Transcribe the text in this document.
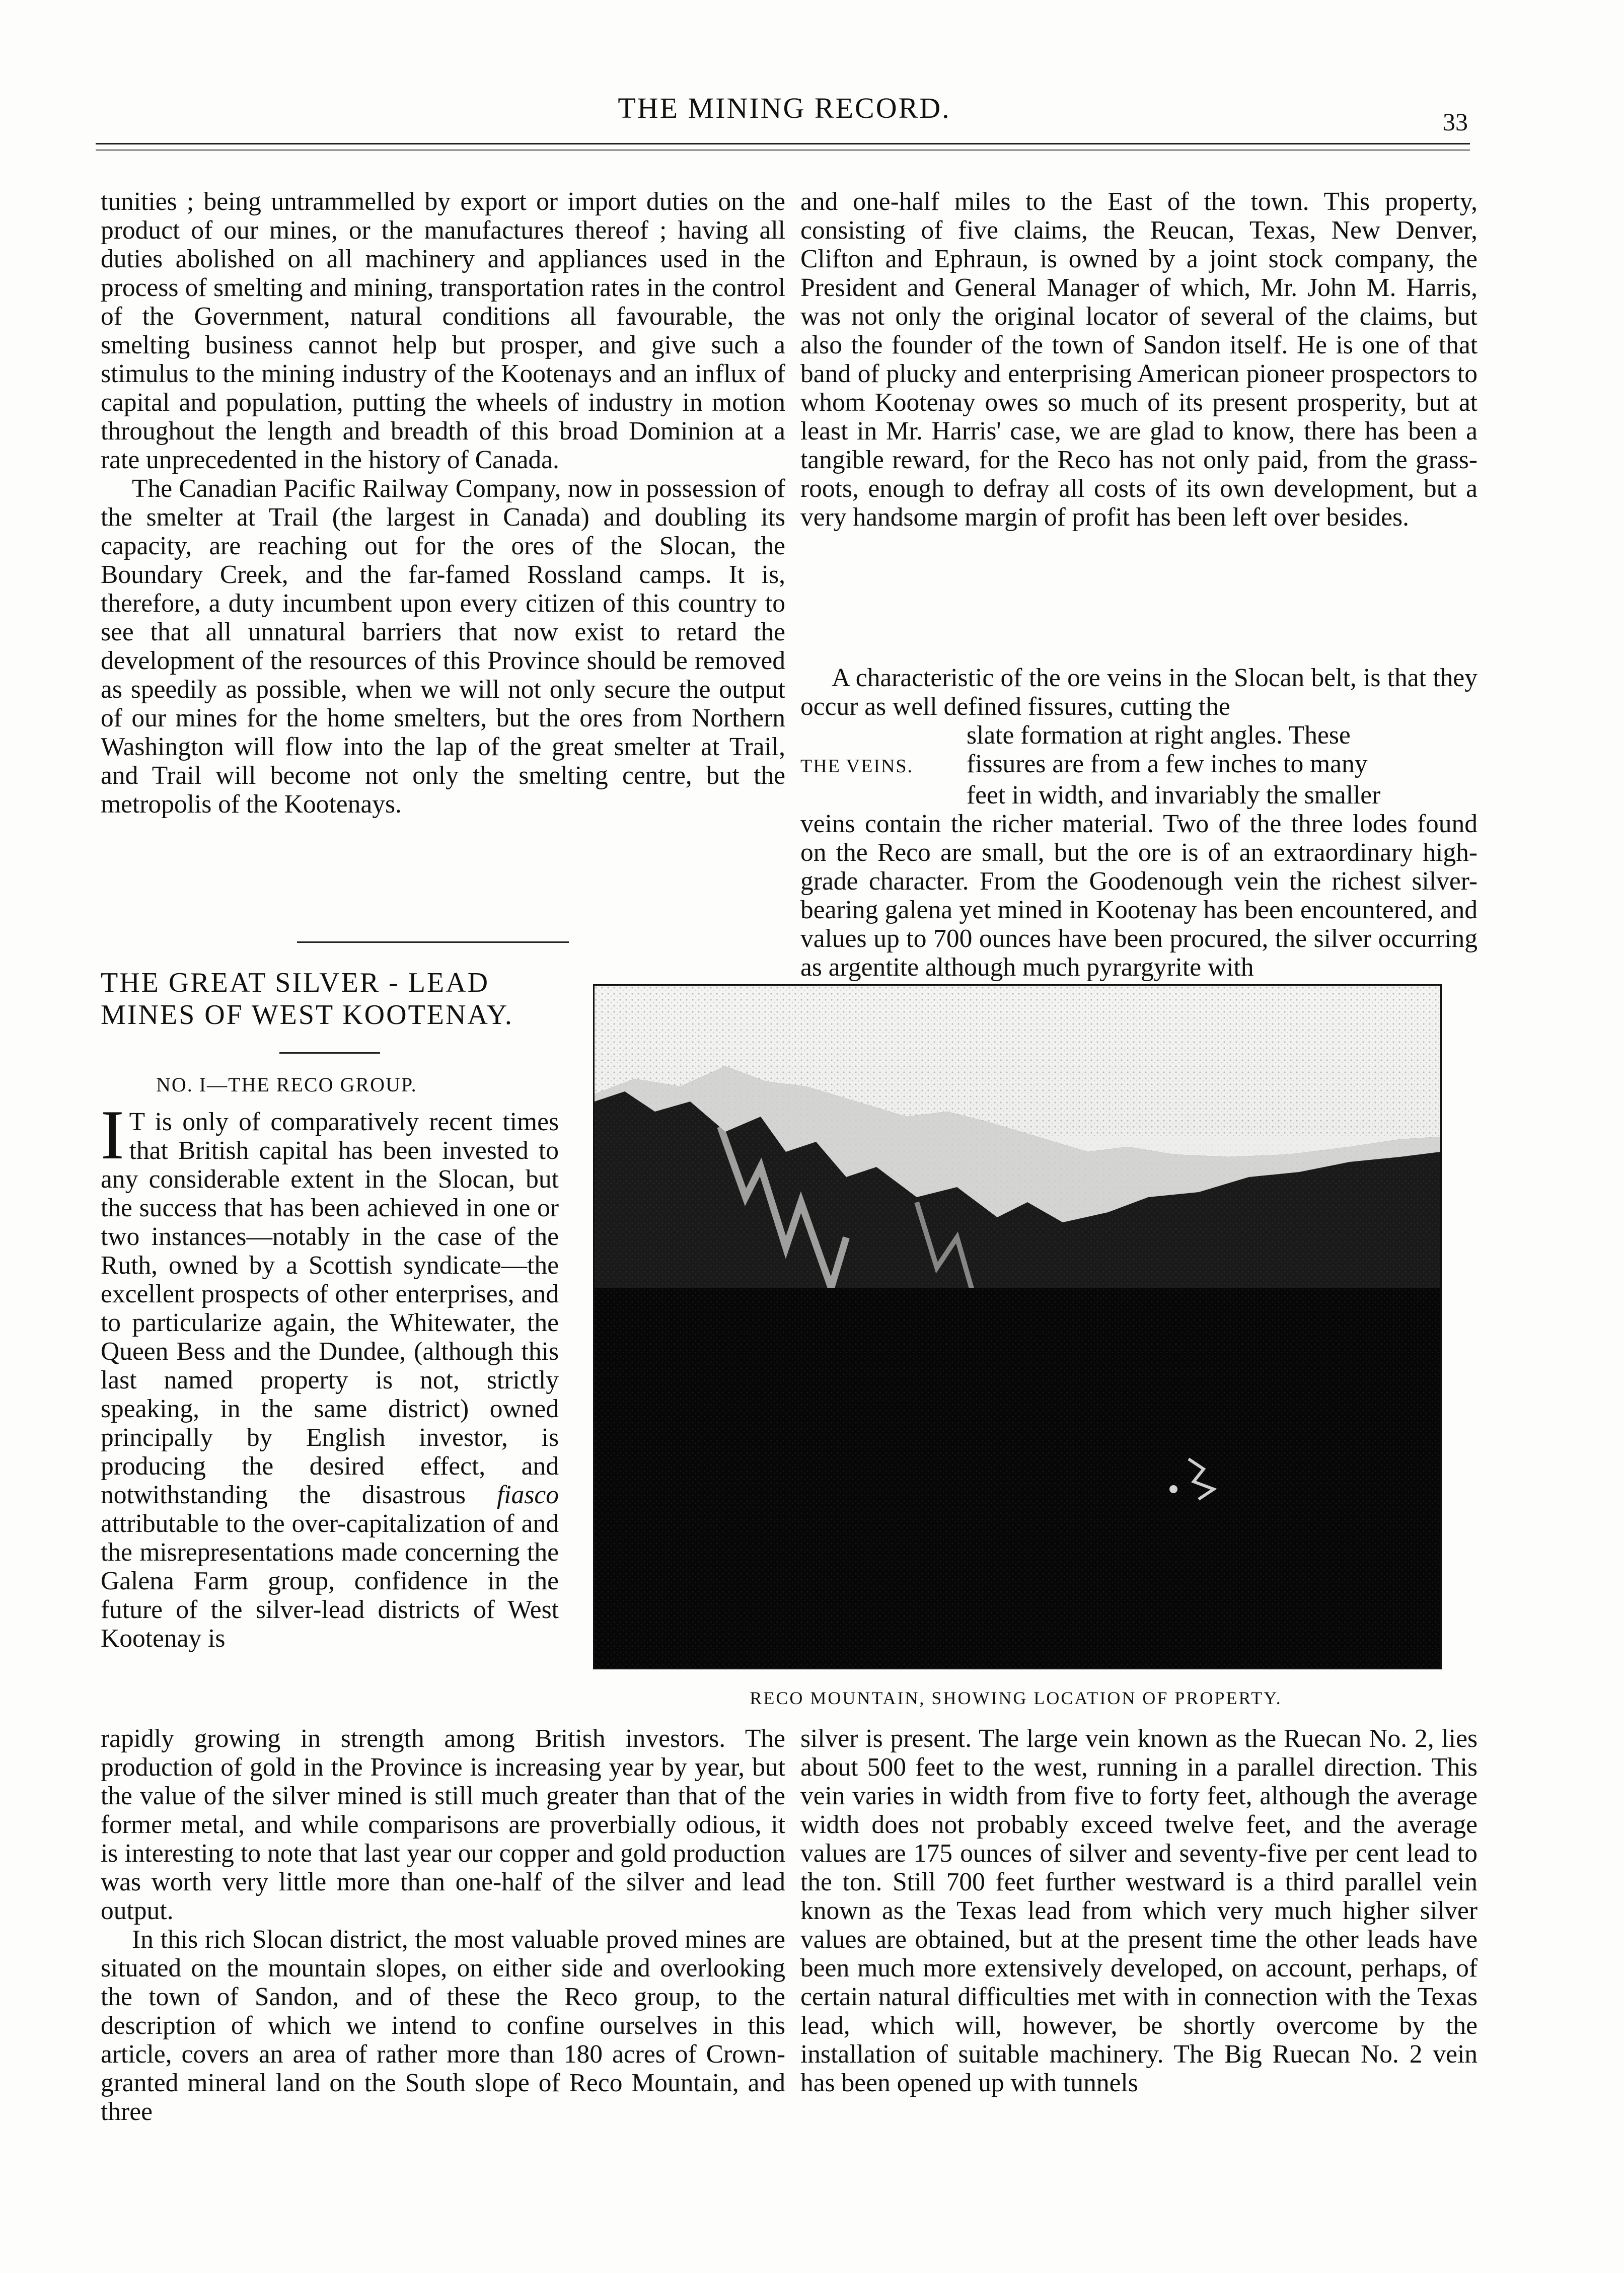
THE MINING RECORD.	33

tunities ; being untrammelled by export or import duties on the product of our mines, or the manufactures thereof ; having all duties abolished on all machinery and appliances used in the process of smelting and mining, transportation rates in the control of the Government, natural conditions all favourable, the smelting business cannot help but prosper, and give such a stimulus to the mining industry of the Kootenays and an influx of capital and population, putting the wheels of industry in motion throughout the length and breadth of this broad Dominion at a rate unprecedented in the history of Canada.

The Canadian Pacific Railway Company, now in possession of the smelter at Trail (the largest in Canada) and doubling its capacity, are reaching out for the ores of the Slocan, the Boundary Creek, and the far-famed Rossland camps. It is, therefore, a duty incumbent upon every citizen of this country to see that all unnatural barriers that now exist to retard the development of the resources of this Province should be removed as speedily as possible, when we will not only secure the output of our mines for the home smelters, but the ores from Northern Washington will flow into the lap of the great smelter at Trail, and Trail will become not only the smelting centre, but the metropolis of the Kootenays.

and one-half miles to the East of the town. This property, consisting of five claims, the Reucan, Texas, New Denver, Clifton and Ephraun, is owned by a joint stock company, the President and General Manager of which, Mr. John M. Harris, was not only the original locator of several of the claims, but also the founder of the town of Sandon itself. He is one of that band of plucky and enterprising American pioneer prospectors to whom Kootenay owes so much of its present prosperity, but at least in Mr. Harris' case, we are glad to know, there has been a tangible reward, for the Reco has not only paid, from the grass-roots, enough to defray all costs of its own development, but a very handsome margin of profit has been left over besides.

A characteristic of the ore veins in the Slocan belt, is that they occur as well defined fissures, cutting the
slate formation at right angles. These
THE VEINS. fissures are from a few inches to many
feet in width, and invariably the smaller
veins contain the richer material. Two of the three lodes found on the Reco are small, but the ore is of an extraordinary high-grade character. From the Goodenough vein the richest silver-bearing galena yet mined in Kootenay has been encountered, and values up to 700 ounces have been procured, the silver occurring as argentite although much pyrargyrite with
THE GREAT SILVER - LEAD
MINES OF WEST KOOTENAY.
NO. I—THE RECO GROUP.

I T is only of comparatively recent times that British capital has been invested to any considerable extent in the Slocan, but the success that has been achieved in one or two instances—notably in the case of the Ruth, owned by a Scottish syndicate—the excellent prospects of other enterprises, and to particularize again, the Whitewater, the Queen Bess and the Dundee, (although this last named property is not, strictly speaking, in the same district) owned principally by English investor, is producing the desired effect, and notwithstanding the disastrous fiasco attributable to the over-capitalization of and the misrepresentations made concerning the Galena Farm group, confidence in the future of the silver-lead districts of West Kootenay is

RECO MOUNTAIN, SHOWING LOCATION OF PROPERTY.

rapidly growing in strength among British investors. The production of gold in the Province is increasing year by year, but the value of the silver mined is still much greater than that of the former metal, and while comparisons are proverbially odious, it is interesting to note that last year our copper and gold production was worth very little more than one-half of the silver and lead output.

In this rich Slocan district, the most valuable proved mines are situated on the mountain slopes, on either side and overlooking the town of Sandon, and of these the Reco group, to the description of which we intend to confine ourselves in this article, covers an area of rather more than 180 acres of Crown-granted mineral land on the South slope of Reco Mountain, and three

silver is present. The large vein known as the Ruecan No. 2, lies about 500 feet to the west, running in a parallel direction. This vein varies in width from five to forty feet, although the average width does not probably exceed twelve feet, and the average values are 175 ounces of silver and seventy-five per cent lead to the ton. Still 700 feet further westward is a third parallel vein known as the Texas lead from which very much higher silver values are obtained, but at the present time the other leads have been much more extensively developed, on account, perhaps, of certain natural difficulties met with in connection with the Texas lead, which will, however, be shortly overcome by the installation of suitable machinery. The Big Ruecan No. 2 vein has been opened up with tunnels
